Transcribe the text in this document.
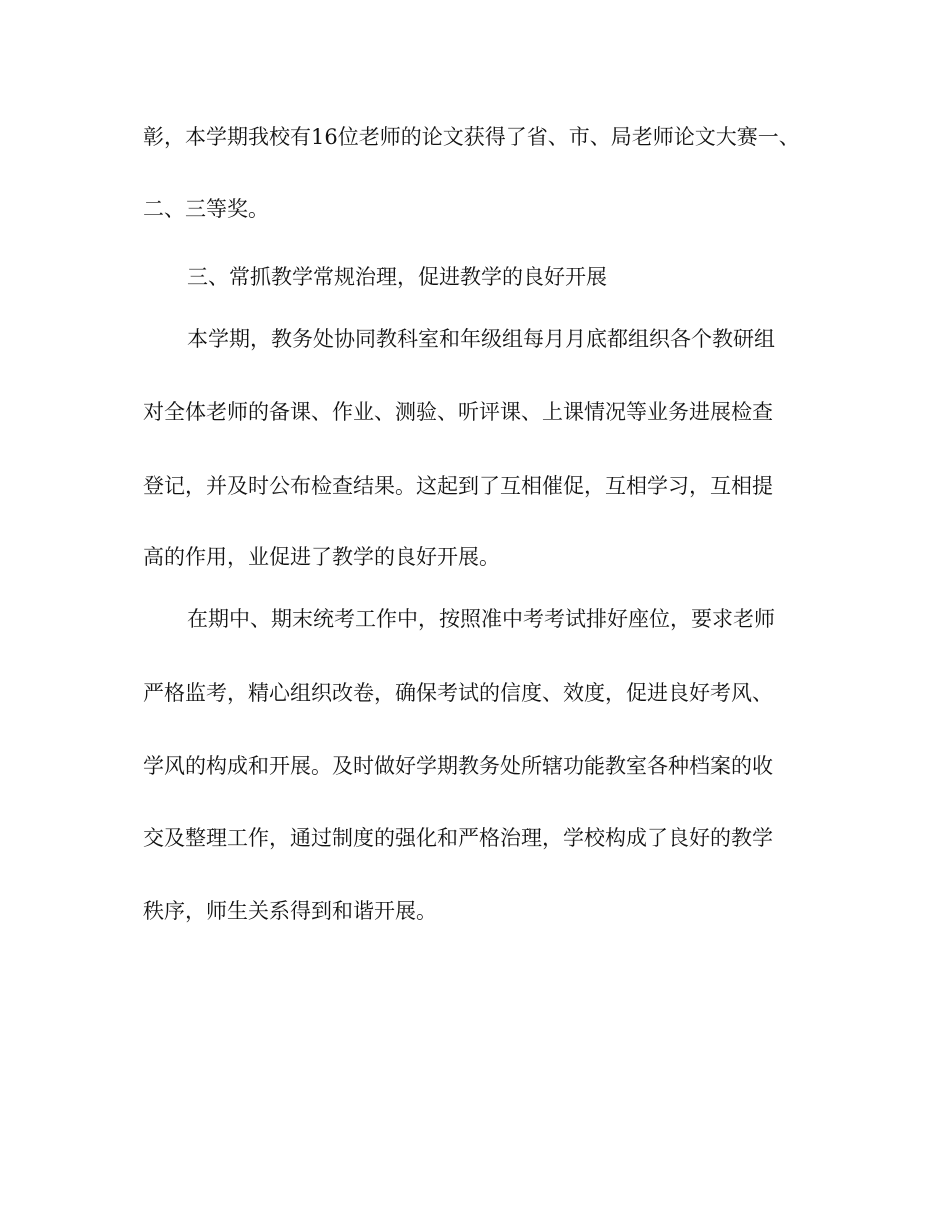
彰，本学期我校有16位老师的论文获得了省、市、局老师论文大赛一、
二、三等奖。
三、常抓教学常规治理，促进教学的良好开展
本学期，教务处协同教科室和年级组每月月底都组织各个教研组
对全体老师的备课、作业、测验、听评课、上课情况等业务进展检查
登记，并及时公布检查结果。这起到了互相催促，互相学习，互相提
高的作用，业促进了教学的良好开展。
在期中、期末统考工作中，按照准中考考试排好座位，要求老师
严格监考，精心组织改卷，确保考试的信度、效度，促进良好考风、
学风的构成和开展。及时做好学期教务处所辖功能教室各种档案的收
交及整理工作，通过制度的强化和严格治理，学校构成了良好的教学
秩序，师生关系得到和谐开展。
